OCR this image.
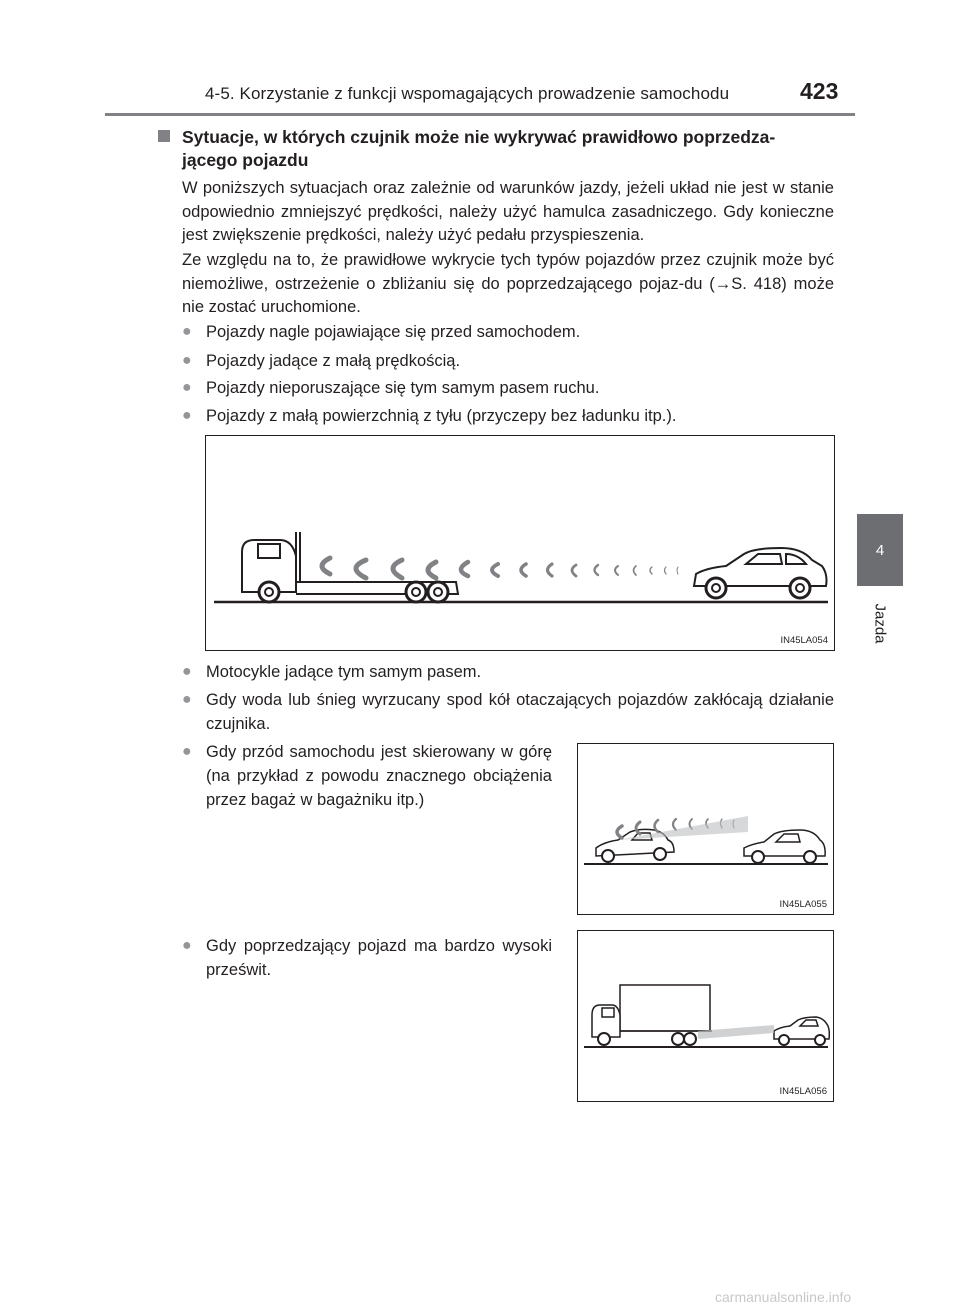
4-5. Korzystanie z funkcji wspomagających prowadzenie samochodu	423
4
Jazda
Sytuacje, w których czujnik może nie wykrywać prawidłowo poprzedza-
jącego pojazdu
W poniższych sytuacjach oraz zależnie od warunków jazdy, jeżeli układ nie jest w stanie odpowiednio zmniejszyć prędkości, należy użyć hamulca zasadniczego. Gdy konieczne jest zwiększenie prędkości, należy użyć pedału przyspieszenia.
Ze względu na to, że prawidłowe wykrycie tych typów pojazdów przez czujnik może być niemożliwe, ostrzeżenie o zbliżaniu się do poprzedzającego pojaz-du (→S. 418) może nie zostać uruchomione.
● Pojazdy nagle pojawiające się przed samochodem.
● Pojazdy jadące z małą prędkością.
● Pojazdy nieporuszające się tym samym pasem ruchu.
● Pojazdy z małą powierzchnią z tyłu (przyczepy bez ładunku itp.).
IN45LA054
● Motocykle jadące tym samym pasem.
● Gdy woda lub śnieg wyrzucany spod kół otaczających pojazdów zakłócają działanie czujnika.
● Gdy przód samochodu jest skierowany w górę (na przykład z powodu znacznego obciążenia przez bagaż w bagażniku itp.)
IN45LA055
● Gdy poprzedzający pojazd ma bardzo wysoki prześwit.
IN45LA056
carmanualsonline.info
